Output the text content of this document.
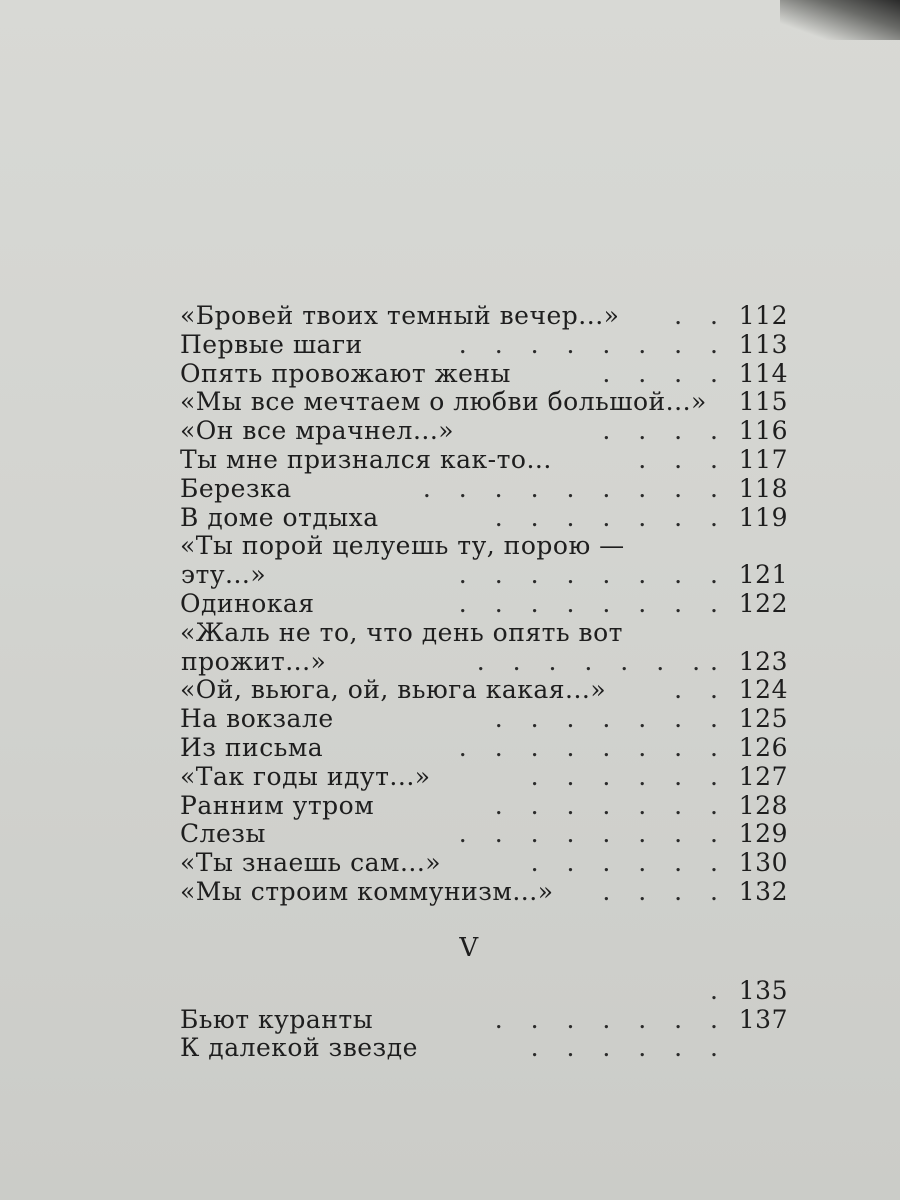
«Бровей твоих темный вечер...»	. . 112
Первые шаги	. . . . . . . . 113
Опять провожают жены	. . . . 114
«Мы все мечтаем о любви большой...» 115
«Он все мрачнел...»	. . . . 116
Ты мне признался как-то...	. . . 117
Березка	. . . . . . . . . 118
В доме отдыха	. . . . . . . 119
«Ты порой целуешь ту, порою —
эту...»	. . . . . . . . 121
Одинокая	. . . . . . . . 122
«Жаль не то, что день опять вот
прожит...»	. . . . . . .. 123
«Ой, вьюга, ой, вьюга какая...»	. . 124
На вокзале	. . . . . . . 125
Из письма	. . . . . . . . 126
«Так годы идут...»	. . . . . . 127
Ранним утром	. . . . . . . 128
Слезы	. . . . . . . . 129
«Ты знаешь сам...»	. . . . . . 130
«Мы строим коммунизм...»	. . . . 132
V
. 135
Бьют куранты	. . . . . . . 137
К далекой звезде	. . . . . .
